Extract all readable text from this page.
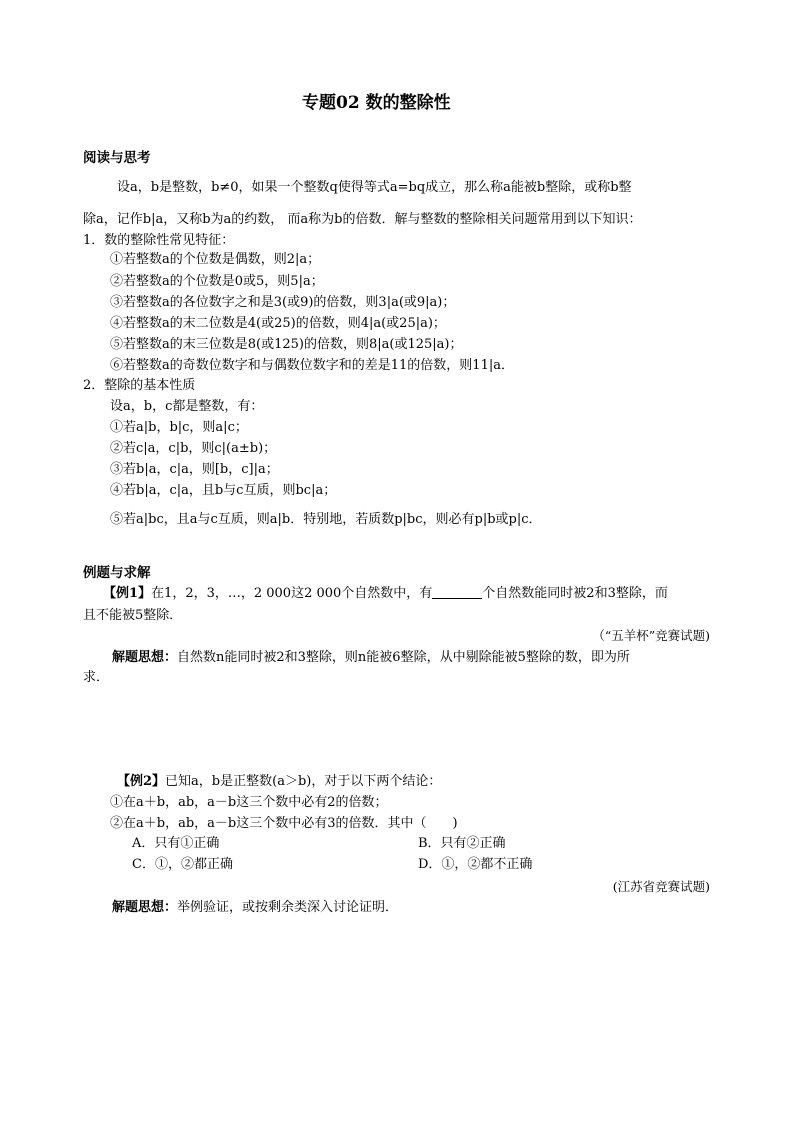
专题02 数的整除性
阅读与思考
设a，b是整数，b≠0，如果一个整数q使得等式a=bq成立，那么称a能被b整除，或称b整
除a，记作b|a，又称b为a的约数， 而a称为b的倍数．解与整数的整除相关问题常用到以下知识：
1．数的整除性常见特征：
①若整数a的个位数是偶数，则2|a；
②若整数a的个位数是0或5，则5|a；
③若整数a的各位数字之和是3(或9)的倍数，则3|a(或9|a)；
④若整数a的末二位数是4(或25)的倍数，则4|a(或25|a)；
⑤若整数a的末三位数是8(或125)的倍数，则8|a(或125|a)；
⑥若整数a的奇数位数字和与偶数位数字和的差是11的倍数，则11|a．
2．整除的基本性质
设a，b，c都是整数，有：
①若a|b，b|c，则a|c；
②若c|a，c|b，则c|(a±b)；
③若b|a，c|a，则[b，c]|a；
④若b|a，c|a，且b与c互质，则bc|a；
⑤若a|bc，且a与c互质，则a|b．特别地，若质数p|bc，则必有p|b或p|c．
例题与求解
【例1】在1，2，3，…，2 000这2 000个自然数中，有	个自然数能同时被2和3整除，而
且不能被5整除．
（“五羊杯”竞赛试题)
解题思想：自然数n能同时被2和3整除，则n能被6整除，从中剔除能被5整除的数，即为所
求．
【例2】已知a，b是正整数(a＞b)，对于以下两个结论：
①在a＋b，ab，a－b这三个数中必有2的倍数；
②在a＋b，ab，a－b这三个数中必有3的倍数．其中（　　)
A．只有①正确	B．只有②正确
C．①，②都正确	D．①，②都不正确
(江苏省竞赛试题)
解题思想：举例验证，或按剩余类深入讨论证明．
